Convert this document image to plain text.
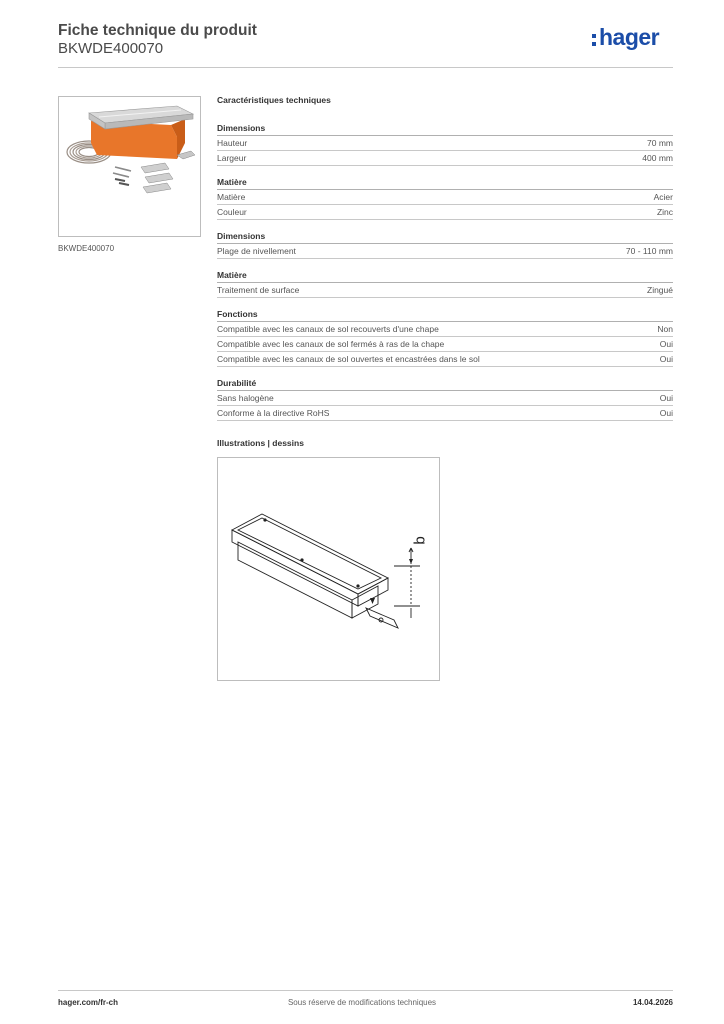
Fiche technique du produit
BKWDE400070	hager
BKWDE400070
Caractéristiques techniques
Dimensions
Hauteur	70 mm
Largeur	400 mm
Matière
Matière	Acier
Couleur	Zinc
Dimensions
Plage de nivellement	70 - 110 mm
Matière
Traitement de surface	Zingué
Fonctions
Compatible avec les canaux de sol recouverts d'une chape	Non
Compatible avec les canaux de sol fermés à ras de la chape	Oui
Compatible avec les canaux de sol ouvertes et encastrées dans le sol	Oui
Durabilité
Sans halogène	Oui
Conforme à la directive RoHS	Oui
Illustrations | dessins
b
hager.com/fr-ch	Sous réserve de modifications techniques	14.04.2026
